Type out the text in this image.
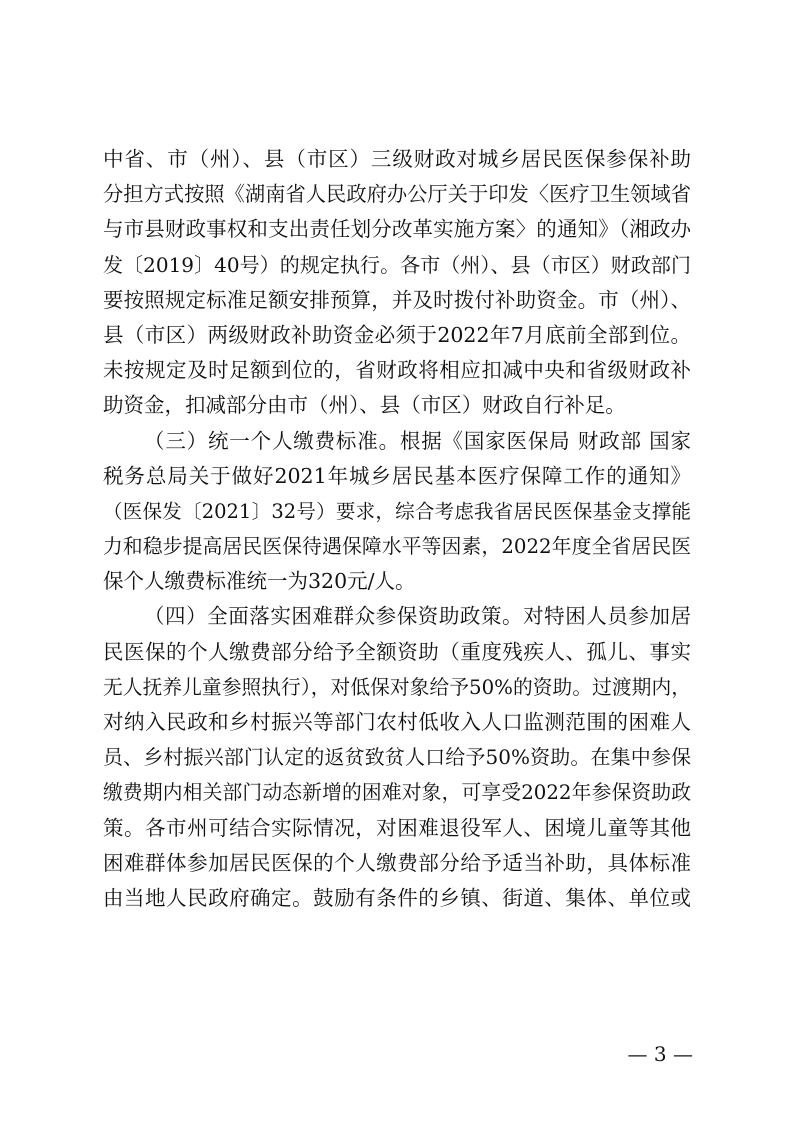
中省、市（州）、县（市区）三级财政对城乡居民医保参保补助
分担方式按照《湖南省人民政府办公厅关于印发〈医疗卫生领域省
与市县财政事权和支出责任划分改革实施方案〉的通知》（湘政办
发〔2019〕40号）的规定执行。各市（州）、县（市区）财政部门
要按照规定标准足额安排预算，并及时拨付补助资金。市（州）、
县（市区）两级财政补助资金必须于2022年7月底前全部到位。
未按规定及时足额到位的，省财政将相应扣减中央和省级财政补
助资金，扣减部分由市（州）、县（市区）财政自行补足。
（三）统一个人缴费标准。根据《国家医保局 财政部 国家
税务总局关于做好2021年城乡居民基本医疗保障工作的通知》
（医保发〔2021〕32号）要求，综合考虑我省居民医保基金支撑能
力和稳步提高居民医保待遇保障水平等因素，2022年度全省居民医
保个人缴费标准统一为320元/人。
（四）全面落实困难群众参保资助政策。对特困人员参加居
民医保的个人缴费部分给予全额资助（重度残疾人、孤儿、事实
无人抚养儿童参照执行），对低保对象给予50%的资助。过渡期内，
对纳入民政和乡村振兴等部门农村低收入人口监测范围的困难人
员、乡村振兴部门认定的返贫致贫人口给予50%资助。在集中参保
缴费期内相关部门动态新增的困难对象，可享受2022年参保资助政
策。各市州可结合实际情况，对困难退役军人、困境儿童等其他
困难群体参加居民医保的个人缴费部分给予适当补助，具体标准
由当地人民政府确定。鼓励有条件的乡镇、街道、集体、单位或
— 3 —
